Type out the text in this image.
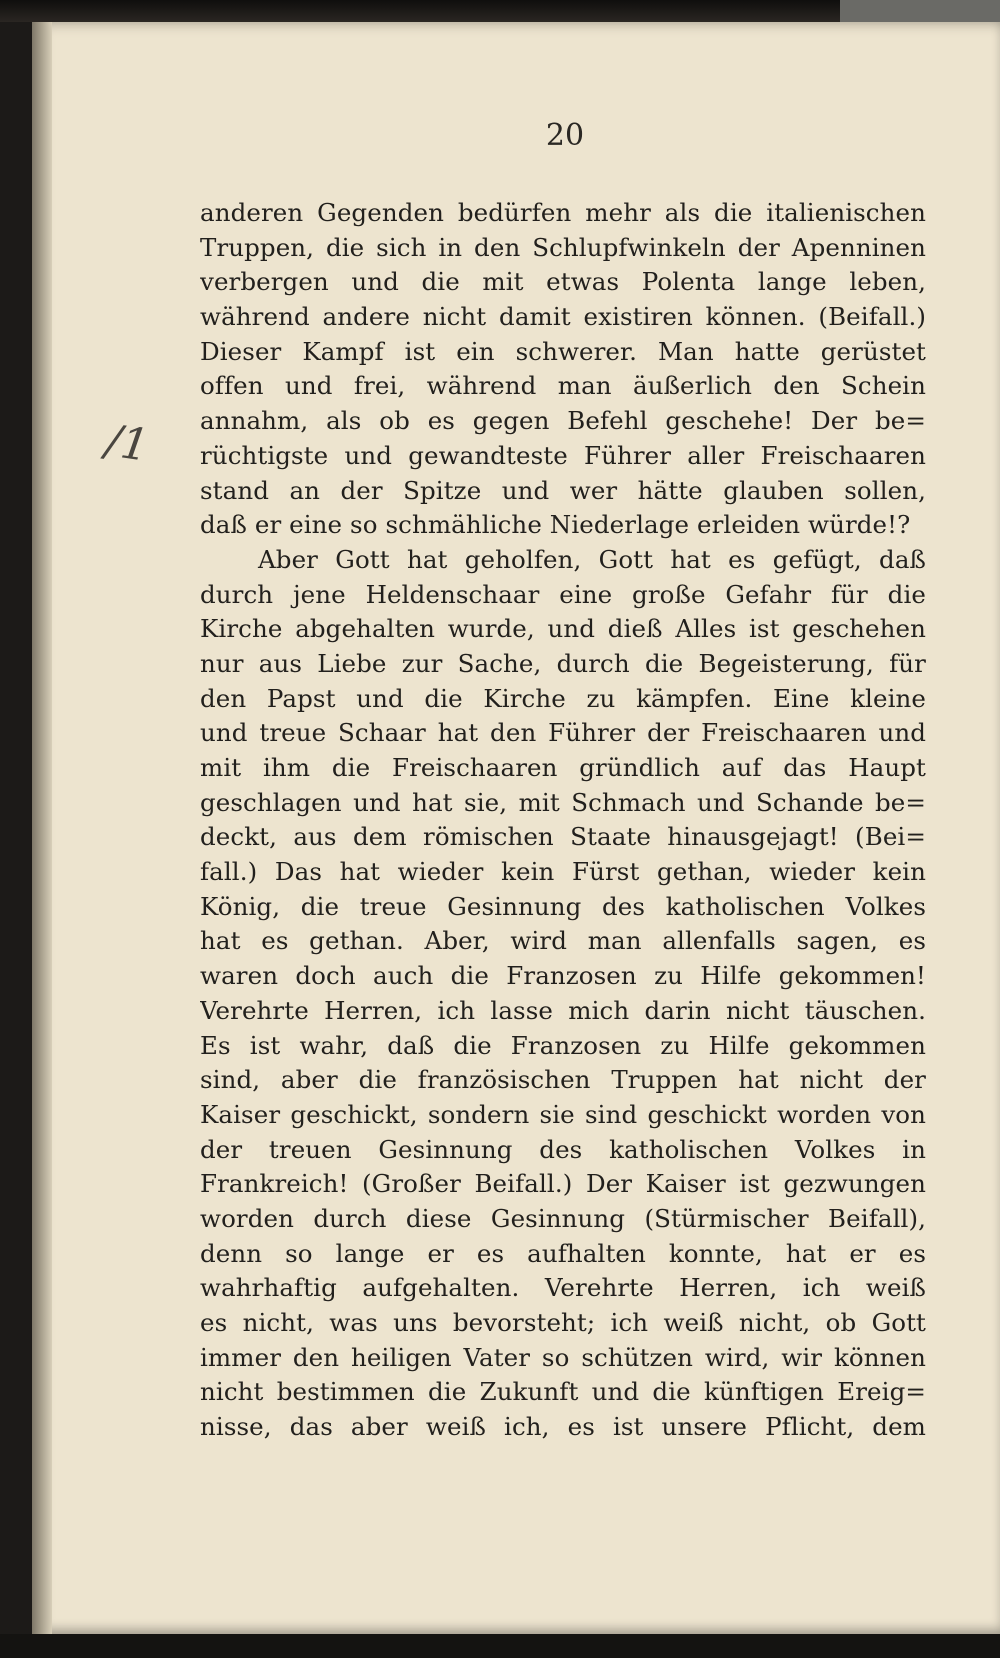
20
/1
anderen Gegenden bedürfen mehr als die italienischen
Truppen, die sich in den Schlupfwinkeln der Apenninen
verbergen und die mit etwas Polenta lange leben,
während andere nicht damit existiren können. (Beifall.)
Dieser Kampf ist ein schwerer. Man hatte gerüstet
offen und frei, während man äußerlich den Schein
annahm, als ob es gegen Befehl geschehe! Der be=
rüchtigste und gewandteste Führer aller Freischaaren
stand an der Spitze und wer hätte glauben sollen,
daß er eine so schmähliche Niederlage erleiden würde!?
Aber Gott hat geholfen, Gott hat es gefügt, daß
durch jene Heldenschaar eine große Gefahr für die
Kirche abgehalten wurde, und dieß Alles ist geschehen
nur aus Liebe zur Sache, durch die Begeisterung, für
den Papst und die Kirche zu kämpfen. Eine kleine
und treue Schaar hat den Führer der Freischaaren und
mit ihm die Freischaaren gründlich auf das Haupt
geschlagen und hat sie, mit Schmach und Schande be=
deckt, aus dem römischen Staate hinausgejagt! (Bei=
fall.) Das hat wieder kein Fürst gethan, wieder kein
König, die treue Gesinnung des katholischen Volkes
hat es gethan. Aber, wird man allenfalls sagen, es
waren doch auch die Franzosen zu Hilfe gekommen!
Verehrte Herren, ich lasse mich darin nicht täuschen.
Es ist wahr, daß die Franzosen zu Hilfe gekommen
sind, aber die französischen Truppen hat nicht der
Kaiser geschickt, sondern sie sind geschickt worden von
der treuen Gesinnung des katholischen Volkes in
Frankreich! (Großer Beifall.) Der Kaiser ist gezwungen
worden durch diese Gesinnung (Stürmischer Beifall),
denn so lange er es aufhalten konnte, hat er es
wahrhaftig aufgehalten. Verehrte Herren, ich weiß
es nicht, was uns bevorsteht; ich weiß nicht, ob Gott
immer den heiligen Vater so schützen wird, wir können
nicht bestimmen die Zukunft und die künftigen Ereig=
nisse, das aber weiß ich, es ist unsere Pflicht, dem
